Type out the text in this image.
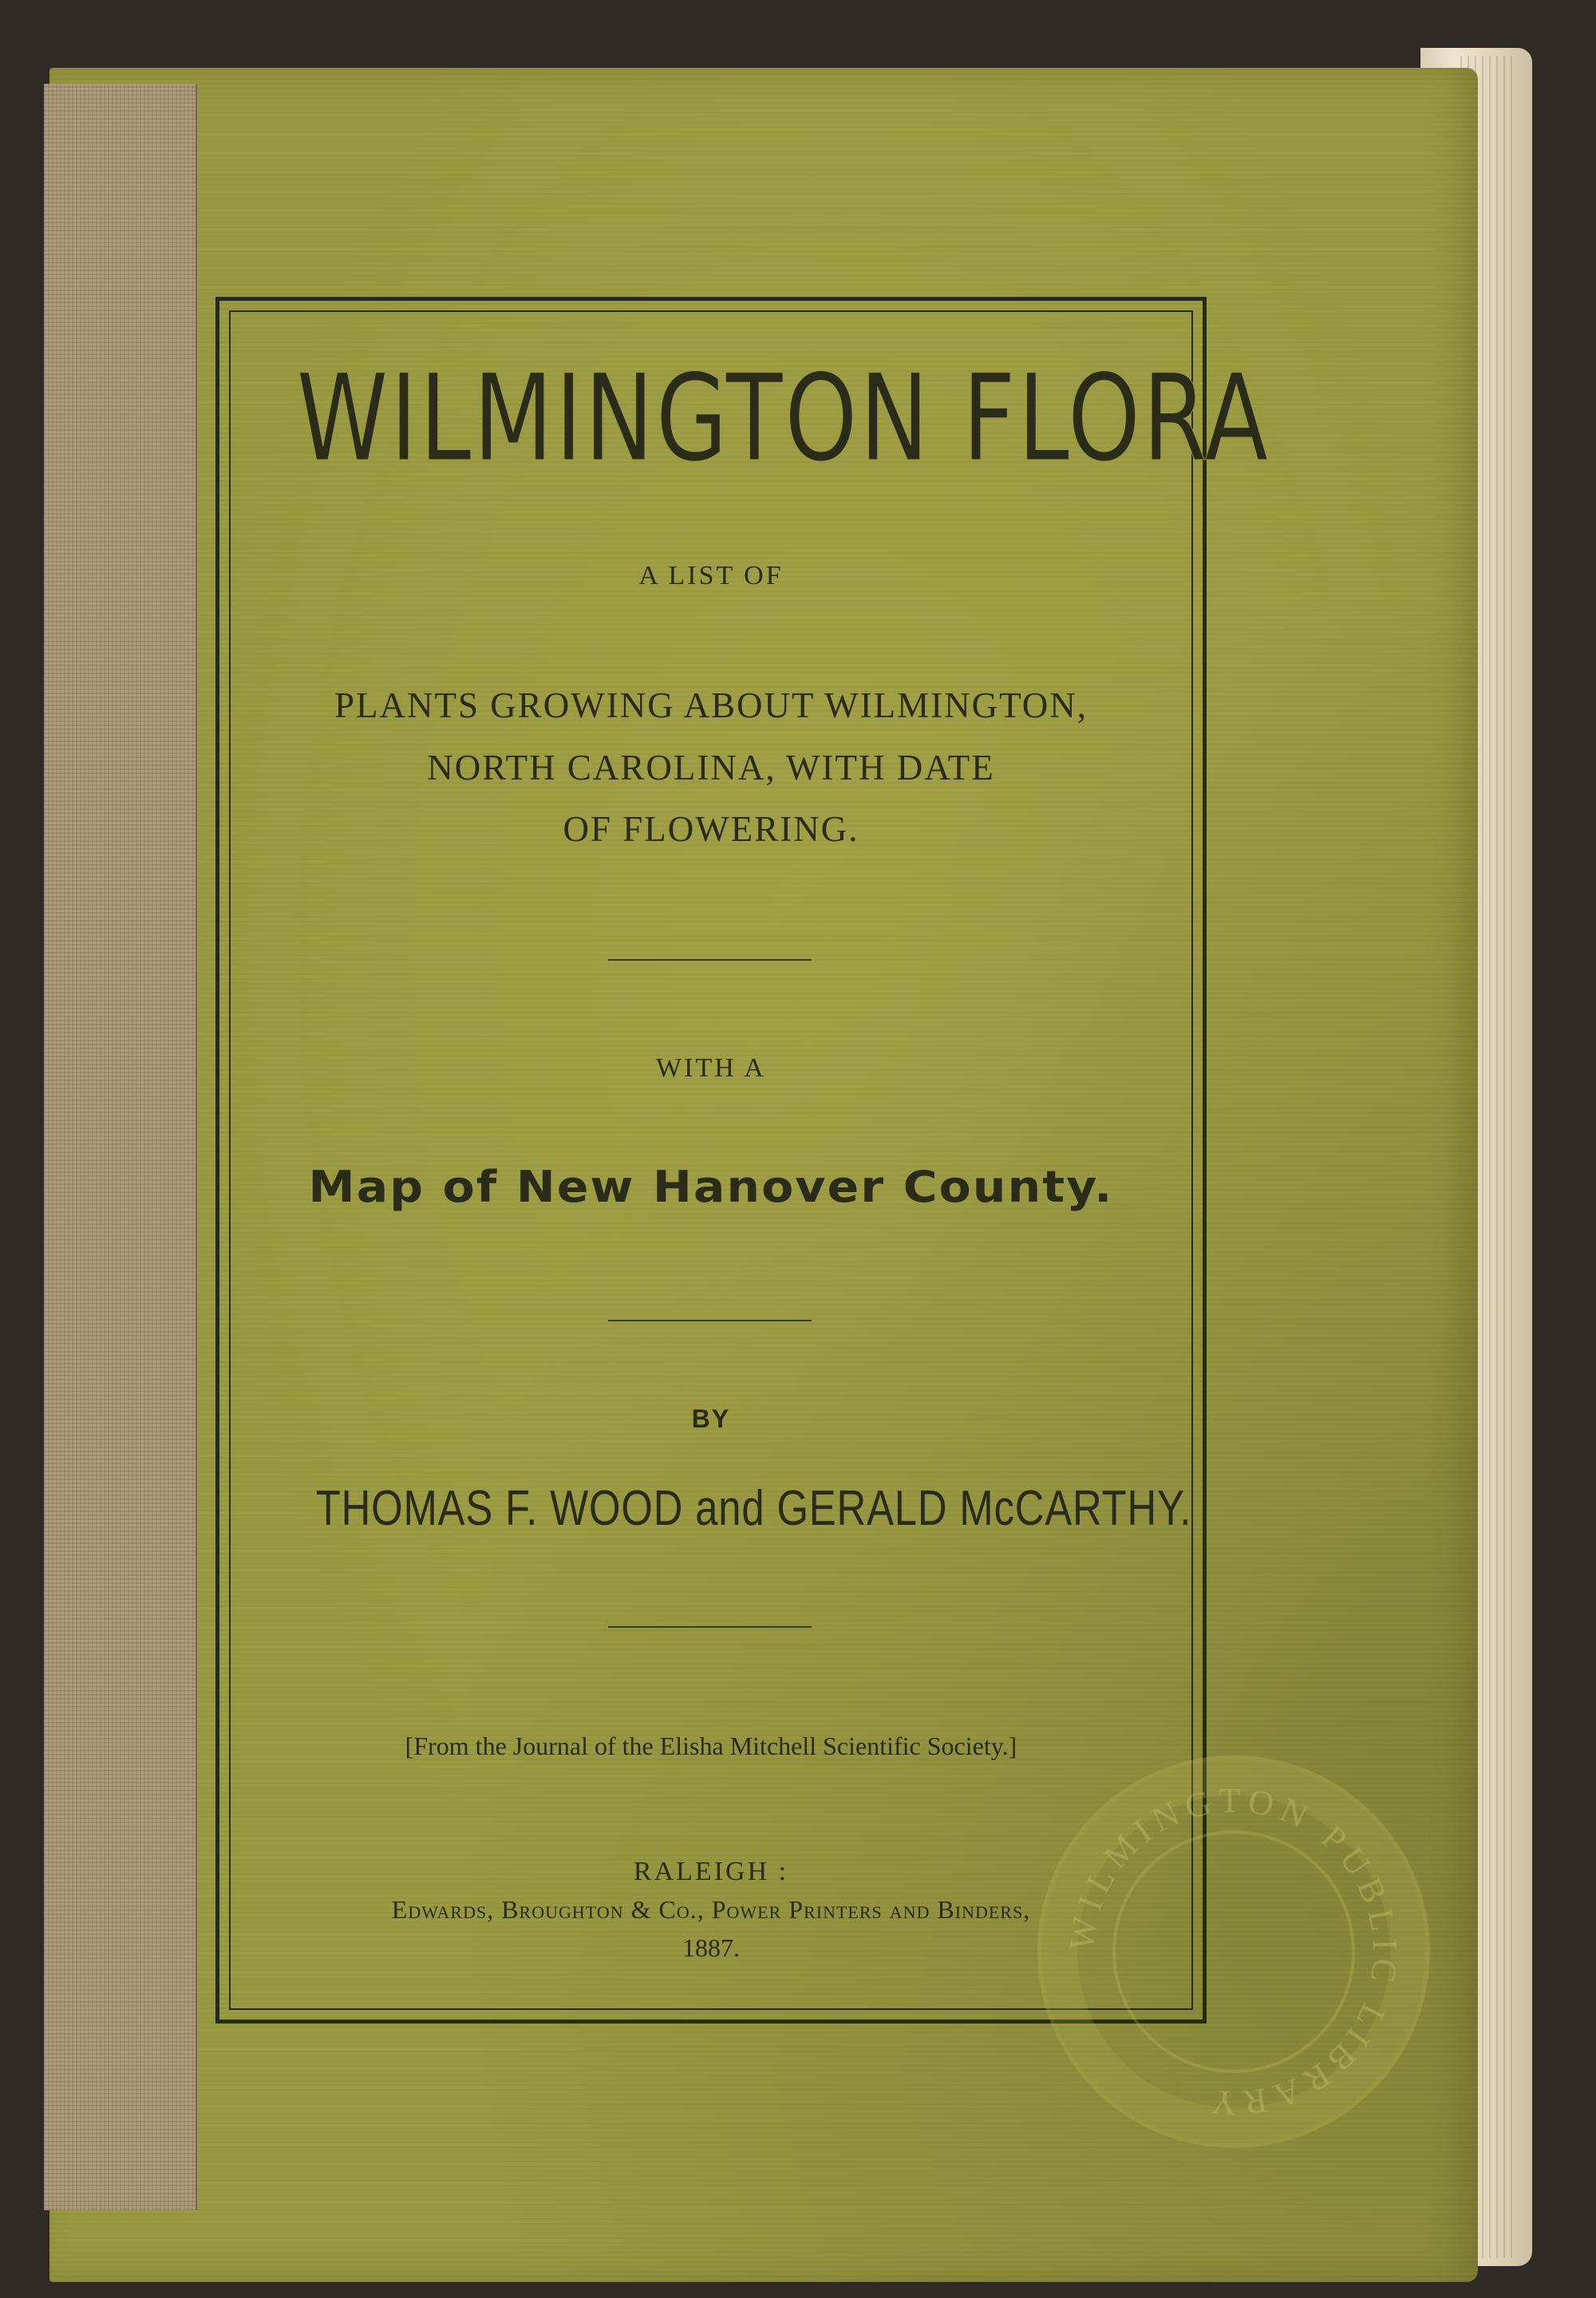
WILMINGTON FLORA

A LIST OF

PLANTS GROWING ABOUT WILMINGTON,

NORTH CAROLINA, WITH DATE

OF FLOWERING.

WITH A

Map of New Hanover County.

BY

THOMAS F. WOOD and GERALD McCARTHY.

[From the Journal of the Elisha Mitchell Scientific Society.]

RALEIGH :

Edwards, Broughton & Co., Power Printers and Binders,

1887.	WILMINGTON PUBLIC LIBRARY
